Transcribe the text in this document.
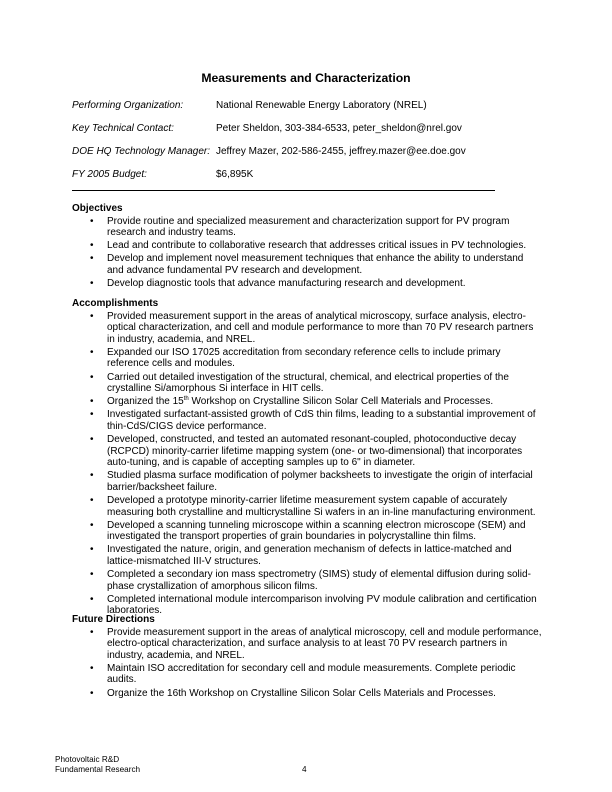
Measurements and Characterization
Performing Organization:	National Renewable Energy Laboratory (NREL)
Key Technical Contact:	Peter Sheldon, 303-384-6533, peter_sheldon@nrel.gov
DOE HQ Technology Manager: Jeffrey Mazer, 202-586-2455, jeffrey.mazer@ee.doe.gov
FY 2005 Budget:	$6,895K
Objectives
• Provide routine and specialized measurement and characterization support for PV program research and industry teams.
• Lead and contribute to collaborative research that addresses critical issues in PV technologies.
• Develop and implement novel measurement techniques that enhance the ability to understand and advance fundamental PV research and development.
• Develop diagnostic tools that advance manufacturing research and development.
Accomplishments
• Provided measurement support in the areas of analytical microscopy, surface analysis, electro-optical characterization, and cell and module performance to more than 70 PV research partners in industry, academia, and NREL.
• Expanded our ISO 17025 accreditation from secondary reference cells to include primary reference cells and modules.
• Carried out detailed investigation of the structural, chemical, and electrical properties of the crystalline Si/amorphous Si interface in HIT cells.
• Organized the 15th Workshop on Crystalline Silicon Solar Cell Materials and Processes.
• Investigated surfactant-assisted growth of CdS thin films, leading to a substantial improvement of thin-CdS/CIGS device performance.
• Developed, constructed, and tested an automated resonant-coupled, photoconductive decay (RCPCD) minority-carrier lifetime mapping system (one- or two-dimensional) that incorporates auto-tuning, and is capable of accepting samples up to 6" in diameter.
• Studied plasma surface modification of polymer backsheets to investigate the origin of interfacial barrier/backsheet failure.
• Developed a prototype minority-carrier lifetime measurement system capable of accurately measuring both crystalline and multicrystalline Si wafers in an in-line manufacturing environment.
• Developed a scanning tunneling microscope within a scanning electron microscope (SEM) and investigated the transport properties of grain boundaries in polycrystalline thin films.
• Investigated the nature, origin, and generation mechanism of defects in lattice-matched and lattice-mismatched III-V structures.
• Completed a secondary ion mass spectrometry (SIMS) study of elemental diffusion during solid-phase crystallization of amorphous silicon films.
• Completed international module intercomparison involving PV module calibration and certification laboratories.
Future Directions
• Provide measurement support in the areas of analytical microscopy, cell and module performance, electro-optical characterization, and surface analysis to at least 70 PV research partners in industry, academia, and NREL.
• Maintain ISO accreditation for secondary cell and module measurements. Complete periodic audits.
• Organize the 16th Workshop on Crystalline Silicon Solar Cells Materials and Processes.
Photovoltaic R&D
Fundamental Research	4
